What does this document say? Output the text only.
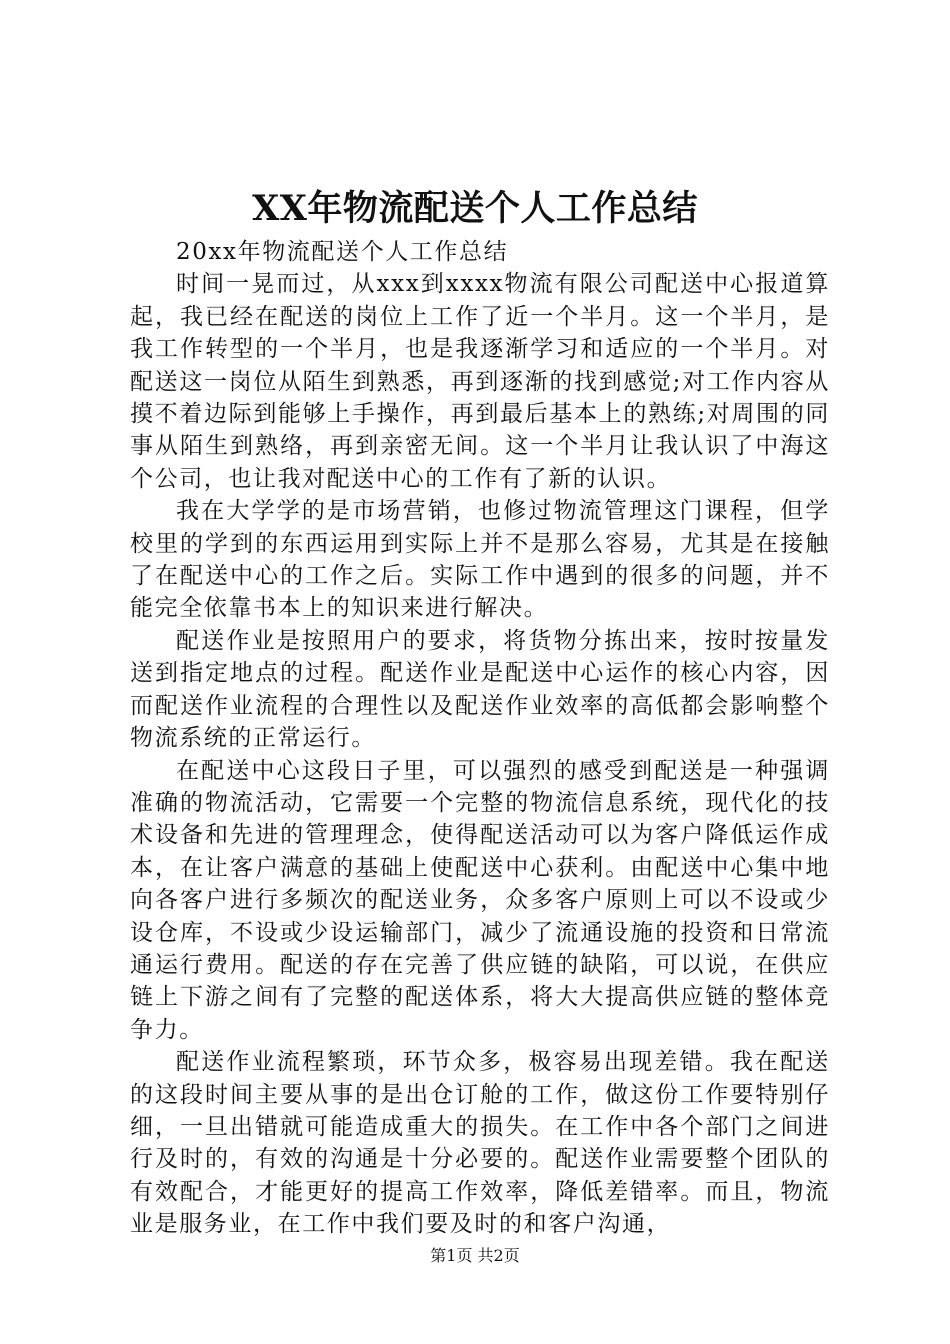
XX年物流配送个人工作总结

20xx年物流配送个人工作总结

时间一晃而过，从xxx到xxxx物流有限公司配送中心报道算起，我已经在配送的岗位上工作了近一个半月。这一个半月，是我工作转型的一个半月，也是我逐渐学习和适应的一个半月。对配送这一岗位从陌生到熟悉，再到逐渐的找到感觉;对工作内容从摸不着边际到能够上手操作，再到最后基本上的熟练;对周围的同事从陌生到熟络，再到亲密无间。这一个半月让我认识了中海这个公司，也让我对配送中心的工作有了新的认识。

我在大学学的是市场营销，也修过物流管理这门课程，但学校里的学到的东西运用到实际上并不是那么容易，尤其是在接触了在配送中心的工作之后。实际工作中遇到的很多的问题，并不能完全依靠书本上的知识来进行解决。

配送作业是按照用户的要求，将货物分拣出来，按时按量发送到指定地点的过程。配送作业是配送中心运作的核心内容，因而配送作业流程的合理性以及配送作业效率的高低都会影响整个物流系统的正常运行。

在配送中心这段日子里，可以强烈的感受到配送是一种强调准确的物流活动，它需要一个完整的物流信息系统，现代化的技术设备和先进的管理理念，使得配送活动可以为客户降低运作成本，在让客户满意的基础上使配送中心获利。由配送中心集中地向各客户进行多频次的配送业务，众多客户原则上可以不设或少设仓库，不设或少设运输部门，减少了流通设施的投资和日常流通运行费用。配送的存在完善了供应链的缺陷，可以说，在供应链上下游之间有了完整的配送体系，将大大提高供应链的整体竞争力。

配送作业流程繁琐，环节众多，极容易出现差错。我在配送的这段时间主要从事的是出仓订舱的工作，做这份工作要特别仔细，一旦出错就可能造成重大的损失。在工作中各个部门之间进行及时的，有效的沟通是十分必要的。配送作业需要整个团队的有效配合，才能更好的提高工作效率，降低差错率。而且，物流业是服务业，在工作中我们要及时的和客户沟通，

第1页 共2页
